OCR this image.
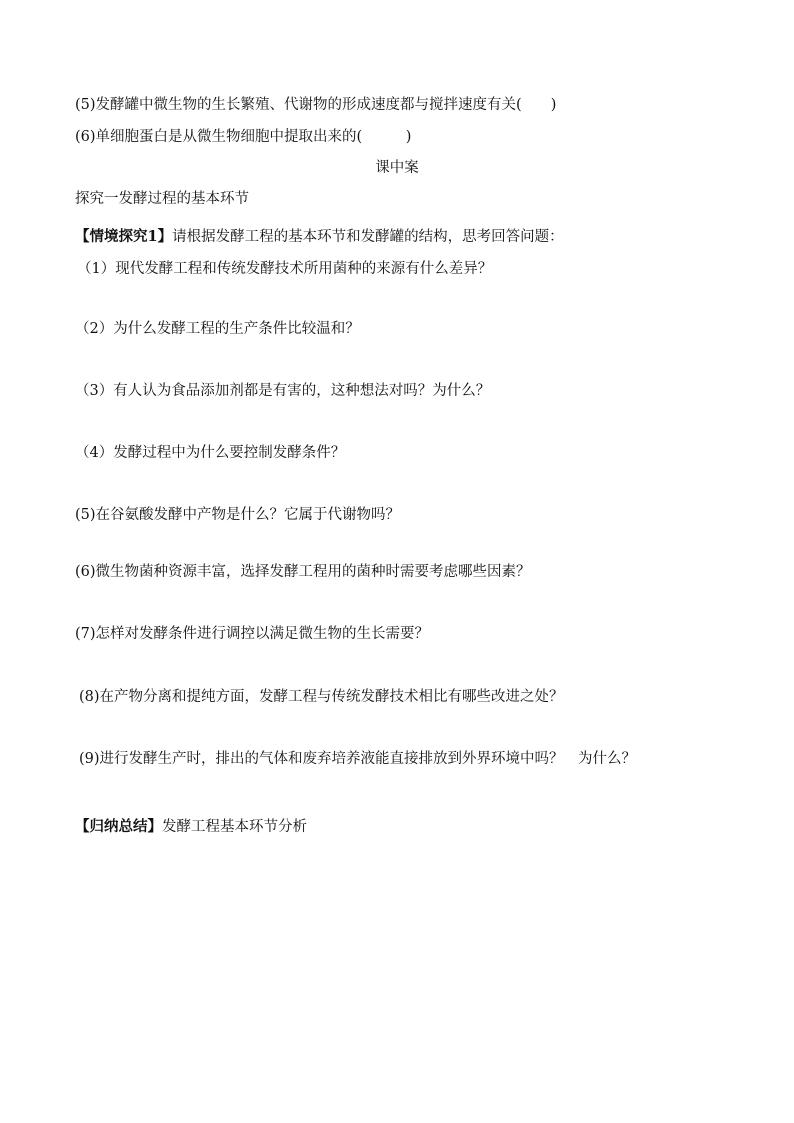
(5)发酵罐中微生物的生长繁殖、代谢物的形成速度都与搅拌速度有关(　　)
(6)单细胞蛋白是从微生物细胞中提取出来的(　　　)
课中案
探究一发酵过程的基本环节
【情境探究1】请根据发酵工程的基本环节和发酵罐的结构，思考回答问题：
（1）现代发酵工程和传统发酵技术所用菌种的来源有什么差异？
（2）为什么发酵工程的生产条件比较温和？
（3）有人认为食品添加剂都是有害的，这种想法对吗？为什么？
（4）发酵过程中为什么要控制发酵条件？
(5)在谷氨酸发酵中产物是什么？它属于代谢物吗？
(6)微生物菌种资源丰富，选择发酵工程用的菌种时需要考虑哪些因素？
(7)怎样对发酵条件进行调控以满足微生物的生长需要？
(8)在产物分离和提纯方面，发酵工程与传统发酵技术相比有哪些改进之处？
(9)进行发酵生产时，排出的气体和废弃培养液能直接排放到外界环境中吗？　为什么？
【归纳总结】发酵工程基本环节分析
